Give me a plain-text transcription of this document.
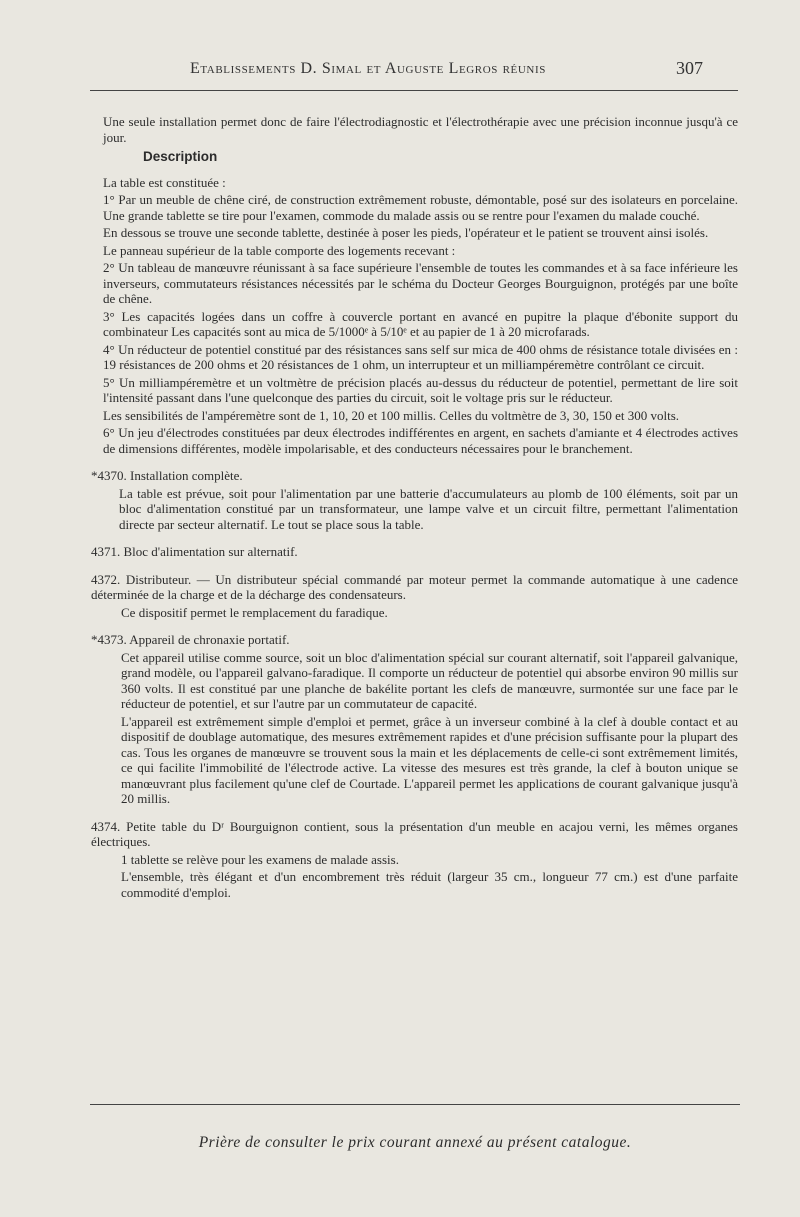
Etablissements D. Simal et Auguste Legros réunis	307

Une seule installation permet donc de faire l'électrodiagnostic et l'électrothérapie avec une précision inconnue jusqu'à ce jour.

Description

La table est constituée :

1° Par un meuble de chêne ciré, de construction extrêmement robuste, démontable, posé sur des isolateurs en porcelaine. Une grande tablette se tire pour l'examen, commode du malade assis ou se rentre pour l'examen du malade couché.

En dessous se trouve une seconde tablette, destinée à poser les pieds, l'opérateur et le patient se trouvent ainsi isolés.

Le panneau supérieur de la table comporte des logements recevant :

2° Un tableau de manœuvre réunissant à sa face supérieure l'ensemble de toutes les commandes et à sa face inférieure les inverseurs, commutateurs résistances nécessités par le schéma du Docteur Georges Bourguignon, protégés par une boîte de chêne.

3° Les capacités logées dans un coffre à couvercle portant en avancé en pupitre la plaque d'ébonite support du combinateur Les capacités sont au mica de 5/1000ᵉ à 5/10ᵉ et au papier de 1 à 20 microfarads.

4° Un réducteur de potentiel constitué par des résistances sans self sur mica de 400 ohms de résistance totale divisées en : 19 résistances de 200 ohms et 20 résistances de 1 ohm, un interrupteur et un milliampéremètre contrôlant ce circuit.

5° Un milliampéremètre et un voltmètre de précision placés au-dessus du réducteur de potentiel, permettant de lire soit l'intensité passant dans l'une quelconque des parties du circuit, soit le voltage pris sur le réducteur.

Les sensibilités de l'ampéremètre sont de 1, 10, 20 et 100 millis. Celles du voltmètre de 3, 30, 150 et 300 volts.

6° Un jeu d'électrodes constituées par deux électrodes indifférentes en argent, en sachets d'amiante et 4 électrodes actives de dimensions différentes, modèle impolarisable, et des conducteurs nécessaires pour le branchement.

*4370. Installation complète.

La table est prévue, soit pour l'alimentation par une batterie d'accumulateurs au plomb de 100 éléments, soit par un bloc d'alimentation constitué par un transformateur, une lampe valve et un circuit filtre, permettant l'alimentation directe par secteur alternatif. Le tout se place sous la table.

4371. Bloc d'alimentation sur alternatif.

4372. Distributeur. — Un distributeur spécial commandé par moteur permet la commande automatique à une cadence déterminée de la charge et de la décharge des condensateurs.

Ce dispositif permet le remplacement du faradique.

*4373. Appareil de chronaxie portatif.

Cet appareil utilise comme source, soit un bloc d'alimentation spécial sur courant alternatif, soit l'appareil galvanique, grand modèle, ou l'appareil galvano-faradique. Il comporte un réducteur de potentiel qui absorbe environ 90 millis sur 360 volts. Il est constitué par une planche de bakélite portant les clefs de manœuvre, surmontée sur une face par le réducteur de potentiel, et sur l'autre par un commutateur de capacité.

L'appareil est extrêmement simple d'emploi et permet, grâce à un inverseur combiné à la clef à double contact et au dispositif de doublage automatique, des mesures extrêmement rapides et d'une précision suffisante pour la plupart des cas. Tous les organes de manœuvre se trouvent sous la main et les déplacements de celle-ci sont extrêmement limités, ce qui facilite l'immobilité de l'électrode active. La vitesse des mesures est très grande, la clef à bouton unique se manœuvrant plus facilement qu'une clef de Courtade. L'appareil permet les applications de courant galvanique jusqu'à 20 millis.

4374. Petite table du Dʳ Bourguignon contient, sous la présentation d'un meuble en acajou verni, les mêmes organes électriques.

1 tablette se relève pour les examens de malade assis.

L'ensemble, très élégant et d'un encombrement très réduit (largeur 35 cm., longueur 77 cm.) est d'une parfaite commodité d'emploi.

Prière de consulter le prix courant annexé au présent catalogue.
